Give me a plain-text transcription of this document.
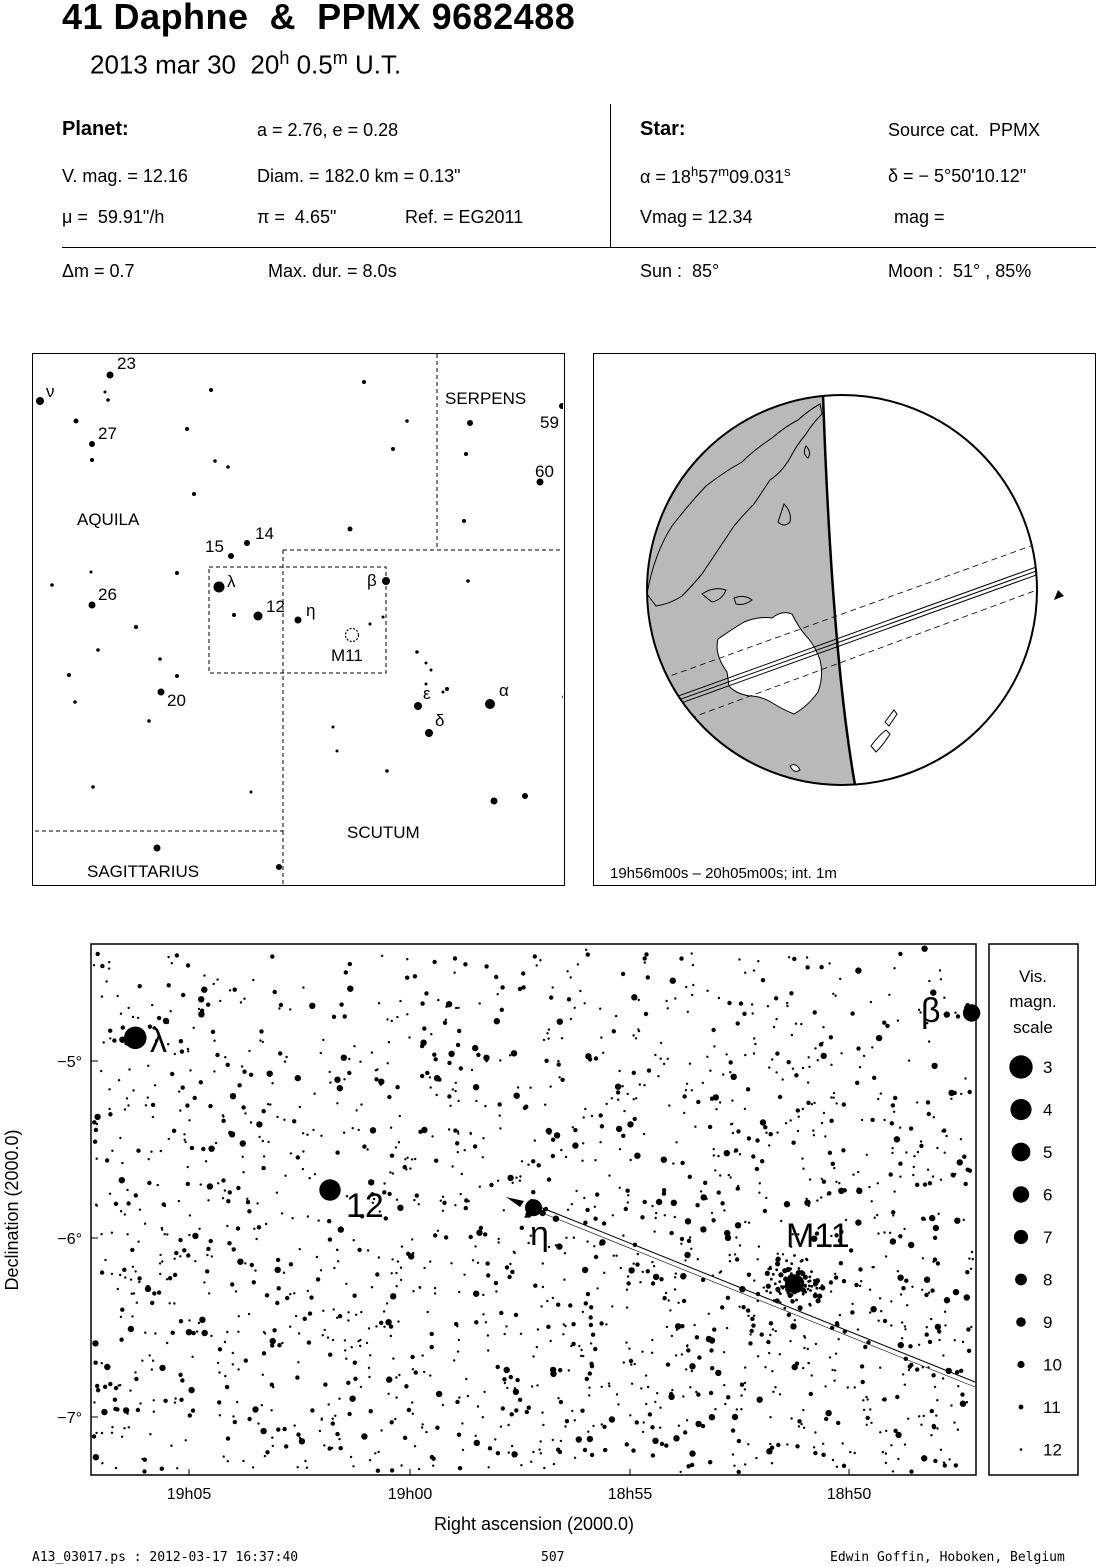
41 Daphne  &  PPMX 9682488
2013 mar 30  20$^h$ 0.5$^m$ U.T.
Planet:	a = 2.76, e = 0.28
V. mag. = 12.16	Diam. = 182.0 km = 0.13"
μ =  59.91"/h	π =  4.65"	Ref. = EG2011
Star:	Source cat.  PPMX
$\alpha = 18^h57^m09.031^s$	δ = − 5°50'10.12"
Vmag = 12.34	mag =
Δm = 0.7	Max. dur. = 8.0s	Sun :  85°	Moon :  51° , 85%
SERPENS
AQUILA
SCUTUM
SAGITTARIUS
23
ν
27
59
60
14
15
λ	β
26
12 η
M11
ε	α
20
δ
19h56m00s – 20h05m00s; int. 1m
−5°
−6°
−7°
19h05	19h00	18h55	18h50
Right ascension (2000.0)
Declination (2000.0)
λ
12
η	M11
β
Vis.
magn.
scale
3
4
5
6
7
8
9
10
11
12
A13_03017.ps : 2012-03-17 16:37:40	507	Edwin Goffin, Hoboken, Belgium
